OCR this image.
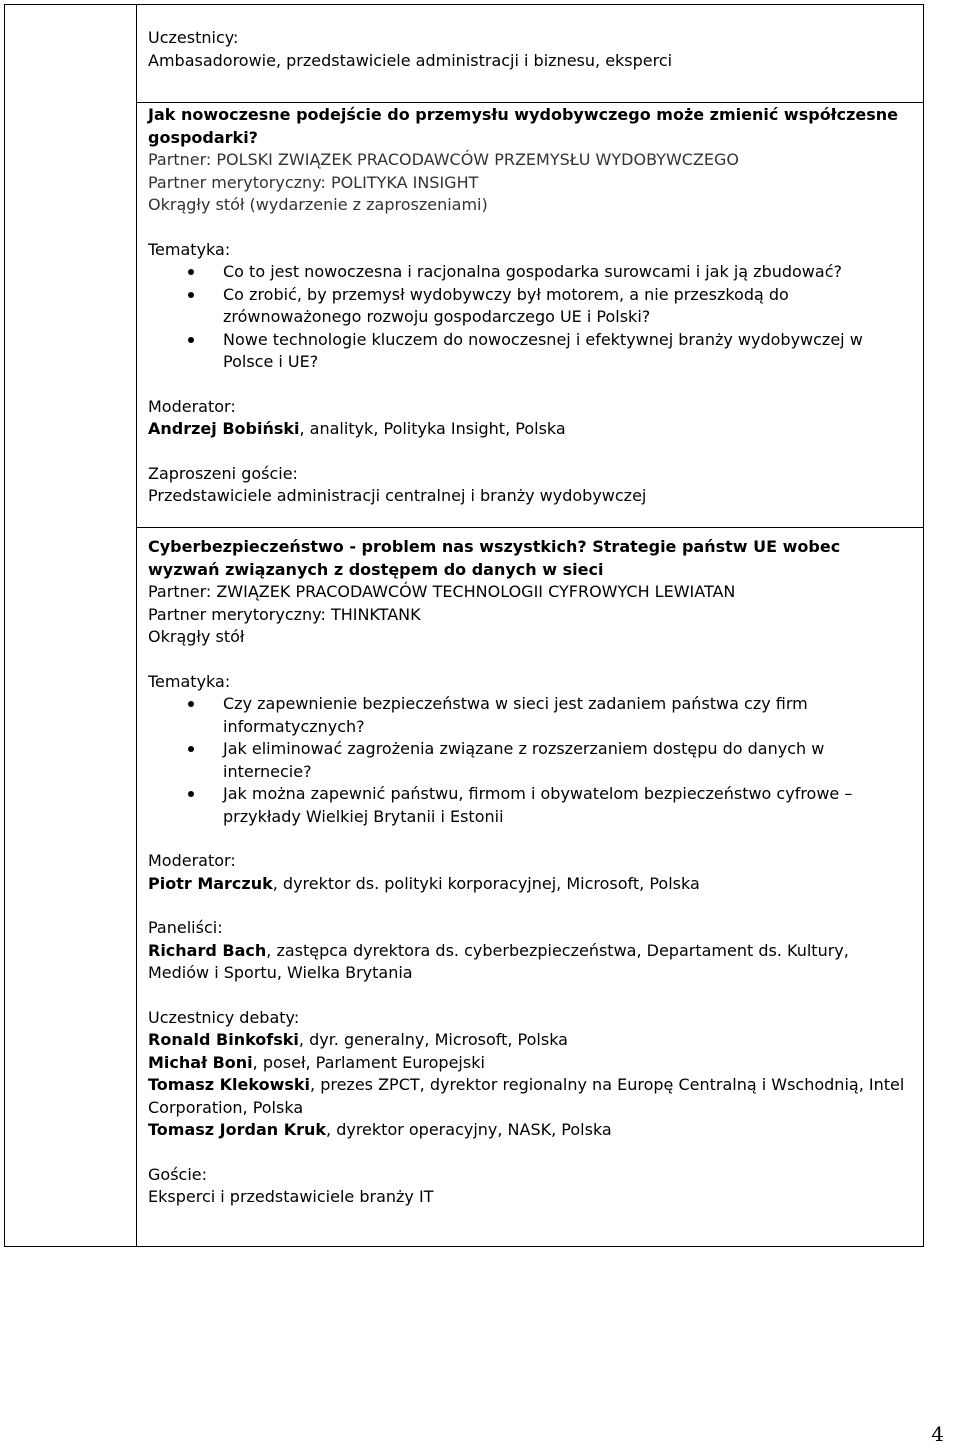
Uczestnicy:

Ambasadorowie, przedstawiciele administracji i biznesu, eksperci

Jak nowoczesne podejście do przemysłu wydobywczego może zmienić współczesne gospodarki?

Partner: POLSKI ZWIĄZEK PRACODAWCÓW PRZEMYSŁU WYDOBYWCZEGO

Partner merytoryczny: POLITYKA INSIGHT

Okrągły stół (wydarzenie z zaproszeniami)

Tematyka:

Co to jest nowoczesna i racjonalna gospodarka surowcami i jak ją zbudować?
Co zrobić, by przemysł wydobywczy był motorem, a nie przeszkodą do zrównoważonego rozwoju gospodarczego UE i Polski?
Nowe technologie kluczem do nowoczesnej i efektywnej branży wydobywczej w Polsce i UE?

Moderator:

Andrzej Bobiński, analityk, Polityka Insight, Polska

Zaproszeni goście:

Przedstawiciele administracji centralnej i branży wydobywczej

Cyberbezpieczeństwo - problem nas wszystkich? Strategie państw UE wobec wyzwań związanych z dostępem do danych w sieci

Partner: ZWIĄZEK PRACODAWCÓW TECHNOLOGII CYFROWYCH LEWIATAN

Partner merytoryczny: THINKTANK

Okrągły stół

Tematyka:

Czy zapewnienie bezpieczeństwa w sieci jest zadaniem państwa czy firm informatycznych?
Jak eliminować zagrożenia związane z rozszerzaniem dostępu do danych w internecie?
Jak można zapewnić państwu, firmom i obywatelom bezpieczeństwo cyfrowe – przykłady Wielkiej Brytanii i Estonii

Moderator:

Piotr Marczuk, dyrektor ds. polityki korporacyjnej, Microsoft, Polska

Paneliści:

Richard Bach, zastępca dyrektora ds. cyberbezpieczeństwa, Departament ds. Kultury, Mediów i Sportu, Wielka Brytania

Uczestnicy debaty:

Ronald Binkofski, dyr. generalny, Microsoft, Polska

Michał Boni, poseł, Parlament Europejski

Tomasz Klekowski, prezes ZPCT, dyrektor regionalny na Europę Centralną i Wschodnią, Intel Corporation, Polska

Tomasz Jordan Kruk, dyrektor operacyjny, NASK, Polska

Goście:

Eksperci i przedstawiciele branży IT

4
